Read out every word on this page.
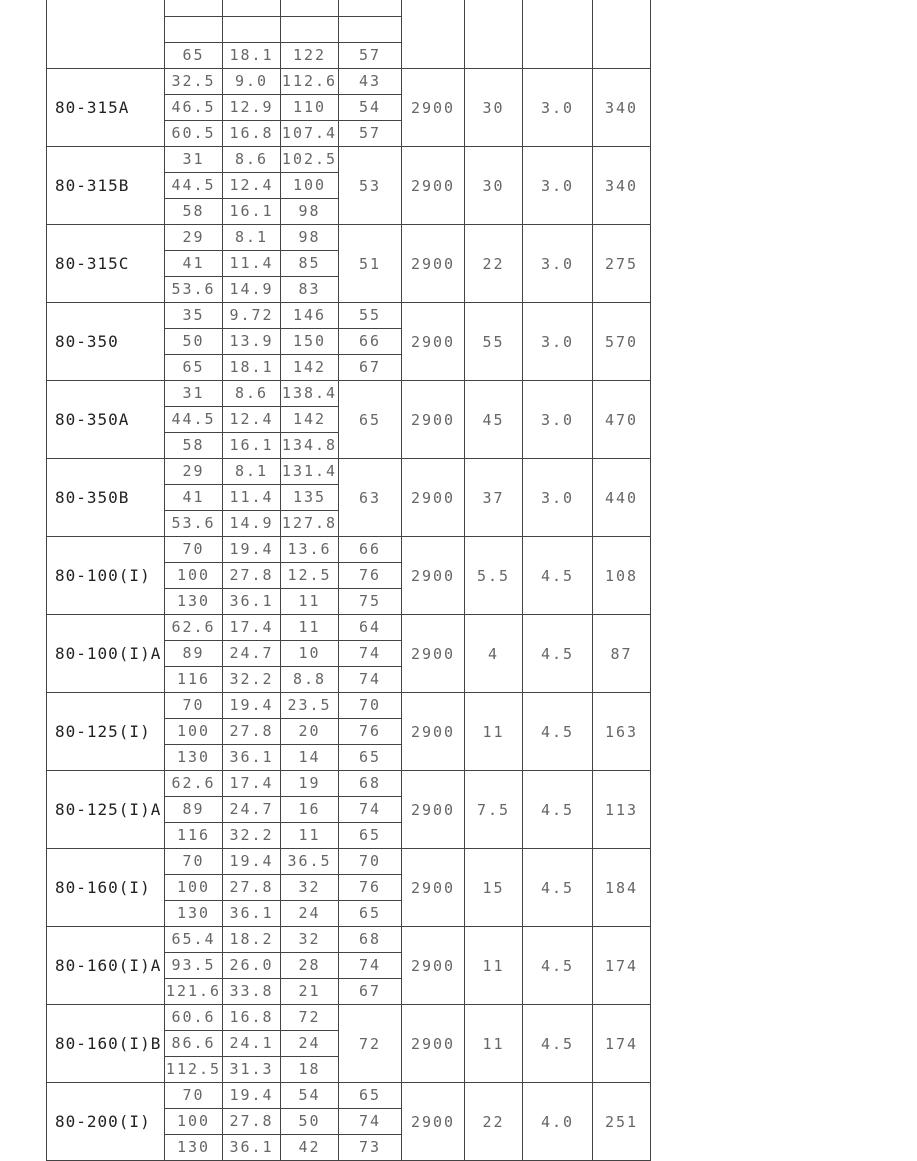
	65	18.1	122	57				
80-315A	32.5	9.0	112.6	43	2900	30	3.0	340
	46.5	12.9	110	54				
	60.5	16.8	107.4	57				
80-315B	31	8.6	102.5	53	2900	30	3.0	340
	44.5	12.4	100					
	58	16.1	98					
80-315C	29	8.1	98	51	2900	22	3.0	275
	41	11.4	85					
	53.6	14.9	83					
80-350	35	9.72	146	55	2900	55	3.0	570
	50	13.9	150	66				
	65	18.1	142	67				
80-350A	31	8.6	138.4	65	2900	45	3.0	470
	44.5	12.4	142					
	58	16.1	134.8					
80-350B	29	8.1	131.4	63	2900	37	3.0	440
	41	11.4	135					
	53.6	14.9	127.8					
80-100(I)	70	19.4	13.6	66	2900	5.5	4.5	108
	100	27.8	12.5	76				
	130	36.1	11	75				
80-100(I)A	62.6	17.4	11	64	2900	4	4.5	87
	89	24.7	10	74				
	116	32.2	8.8	74				
80-125(I)	70	19.4	23.5	70	2900	11	4.5	163
	100	27.8	20	76				
	130	36.1	14	65				
80-125(I)A	62.6	17.4	19	68	2900	7.5	4.5	113
	89	24.7	16	74				
	116	32.2	11	65				
80-160(I)	70	19.4	36.5	70	2900	15	4.5	184
	100	27.8	32	76				
	130	36.1	24	65				
80-160(I)A	65.4	18.2	32	68	2900	11	4.5	174
	93.5	26.0	28	74				
	121.6	33.8	21	67				
80-160(I)B	60.6	16.8	72	72	2900	11	4.5	174
	86.6	24.1	24					
	112.5	31.3	18					
80-200(I)	70	19.4	54	65	2900	22	4.0	251
	100	27.8	50	74				
	130	36.1	42	73				
